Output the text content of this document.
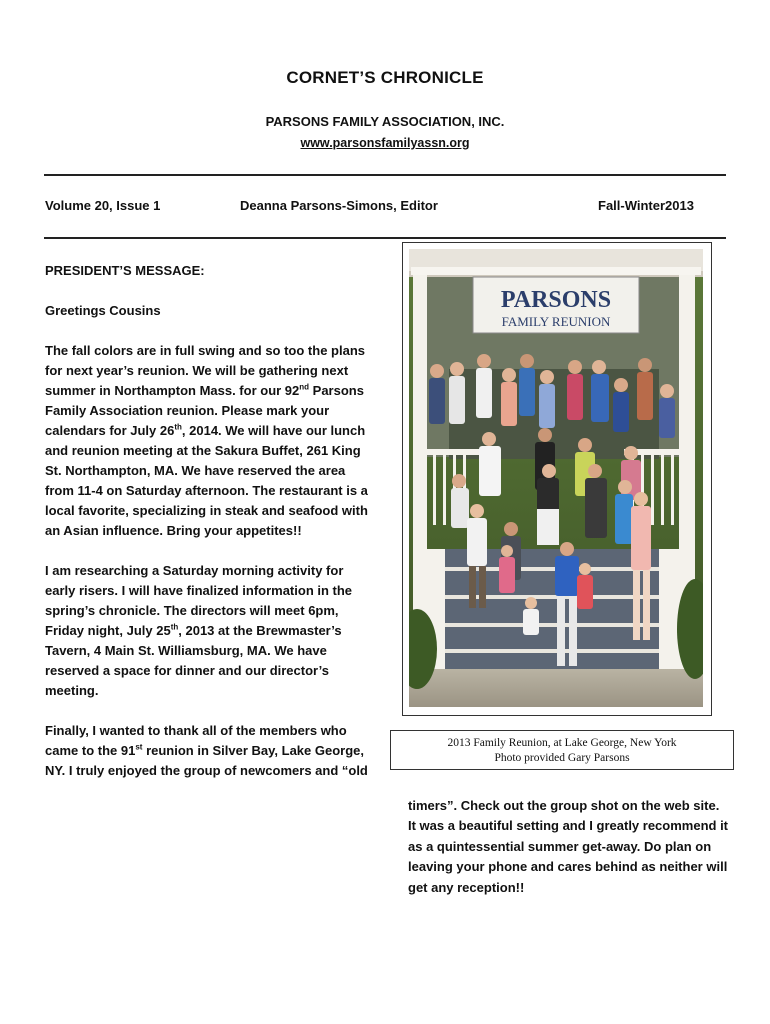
CORNET’S CHRONICLE
PARSONS FAMILY ASSOCIATION, INC.
www.parsonsfamilyassn.org
Volume 20, Issue 1	Deanna Parsons-Simons, Editor	Fall-Winter2013

PRESIDENT’S MESSAGE:

Greetings Cousins

The fall colors are in full swing and so too the plans for next year’s reunion. We will be gathering next summer in Northampton Mass. for our 92nd Parsons Family Association reunion. Please mark your calendars for July 26th, 2014. We will have our lunch and reunion meeting at the Sakura Buffet, 261 King St. Northampton, MA. We have reserved the area from 11-4 on Saturday afternoon. The restaurant is a local favorite, specializing in steak and seafood with an Asian influence. Bring your appetites!!

I am researching a Saturday morning activity for early risers. I will have finalized information in the spring’s chronicle. The directors will meet 6pm, Friday night, July 25th, 2013 at the Brewmaster’s Tavern, 4 Main St. Williamsburg, MA. We have reserved a space for dinner and our director’s meeting.

Finally, I wanted to thank all of the members who came to the 91st reunion in Silver Bay, Lake George, NY. I truly enjoyed the group of newcomers and “old

PARSONS
FAMILY REUNION
2013 Family Reunion, at Lake George, New York
Photo provided Gary Parsons
timers”. Check out the group shot on the web site. It was a beautiful setting and I greatly recommend it as a quintessential summer get-away. Do plan on leaving your phone and cares behind as neither will get any reception!!
